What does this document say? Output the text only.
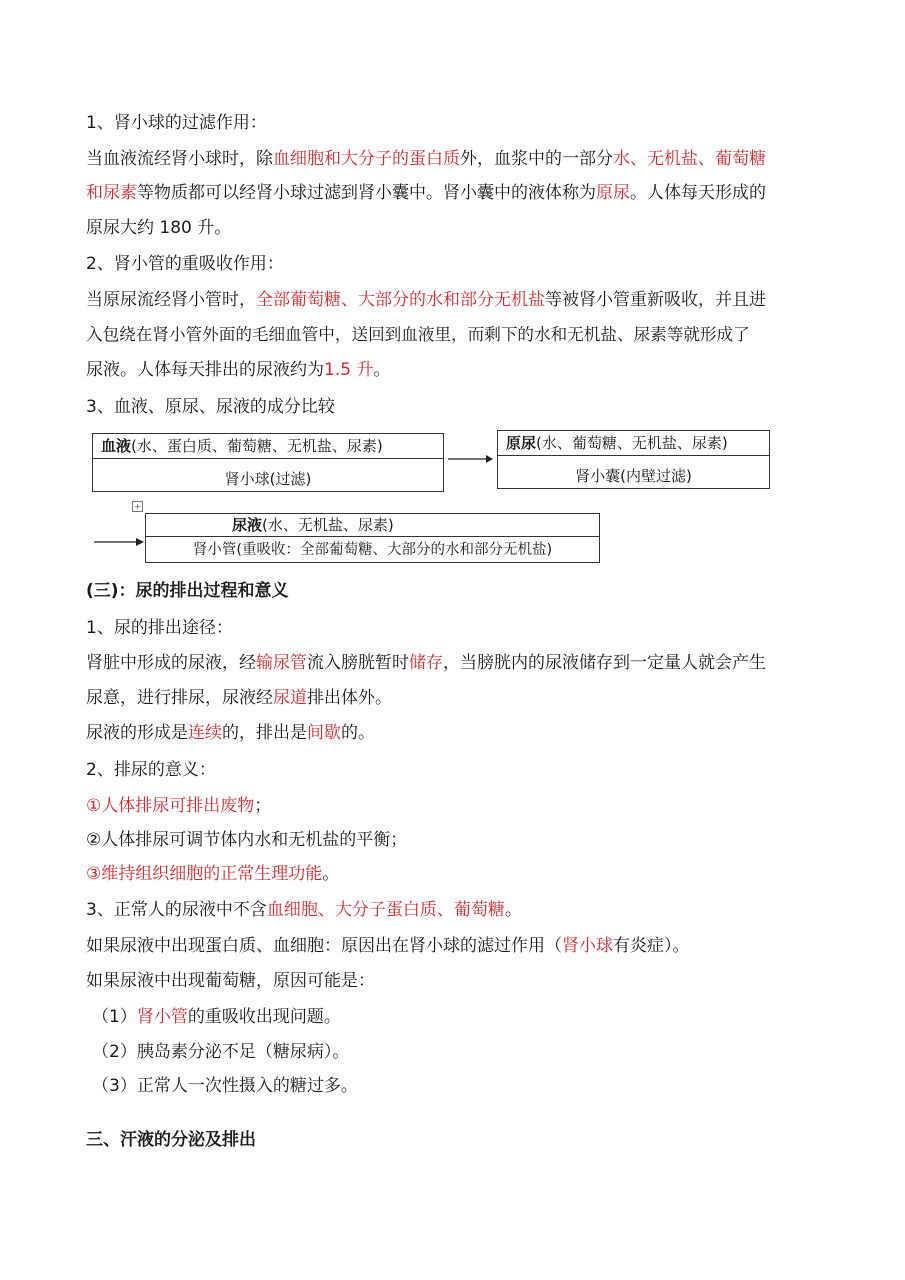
1、肾小球的过滤作用：
当血液流经肾小球时，除血细胞和大分子的蛋白质外，血浆中的一部分水、无机盐、葡萄糖
和尿素等物质都可以经肾小球过滤到肾小囊中。肾小囊中的液体称为原尿。人体每天形成的
原尿大约 180 升。
2、肾小管的重吸收作用：
当原尿流经肾小管时，全部葡萄糖、大部分的水和部分无机盐等被肾小管重新吸收，并且进
入包绕在肾小管外面的毛细血管中，送回到血液里，而剩下的水和无机盐、尿素等就形成了
尿液。人体每天排出的尿液约为1.5 升。
3、血液、原尿、尿液的成分比较
血液(水、蛋白质、葡萄糖、无机盐、尿素)
肾小球(过滤)
原尿(水、葡萄糖、无机盐、尿素)
肾小囊(内壁过滤)
+
尿液(水、无机盐、尿素)
肾小管(重吸收：全部葡萄糖、大部分的水和部分无机盐)
(三)：尿的排出过程和意义
1、尿的排出途径：
肾脏中形成的尿液，经输尿管流入膀胱暂时储存，当膀胱内的尿液储存到一定量人就会产生
尿意，进行排尿，尿液经尿道排出体外。
尿液的形成是连续的，排出是间歇的。
2、排尿的意义：
①人体排尿可排出废物；
②人体排尿可调节体内水和无机盐的平衡；
③维持组织细胞的正常生理功能。
3、正常人的尿液中不含血细胞、大分子蛋白质、葡萄糖。
如果尿液中出现蛋白质、血细胞：原因出在肾小球的滤过作用（肾小球有炎症）。
如果尿液中出现葡萄糖，原因可能是：
（1）肾小管的重吸收出现问题。
（2）胰岛素分泌不足（糖尿病）。
（3）正常人一次性摄入的糖过多。
三、汗液的分泌及排出
